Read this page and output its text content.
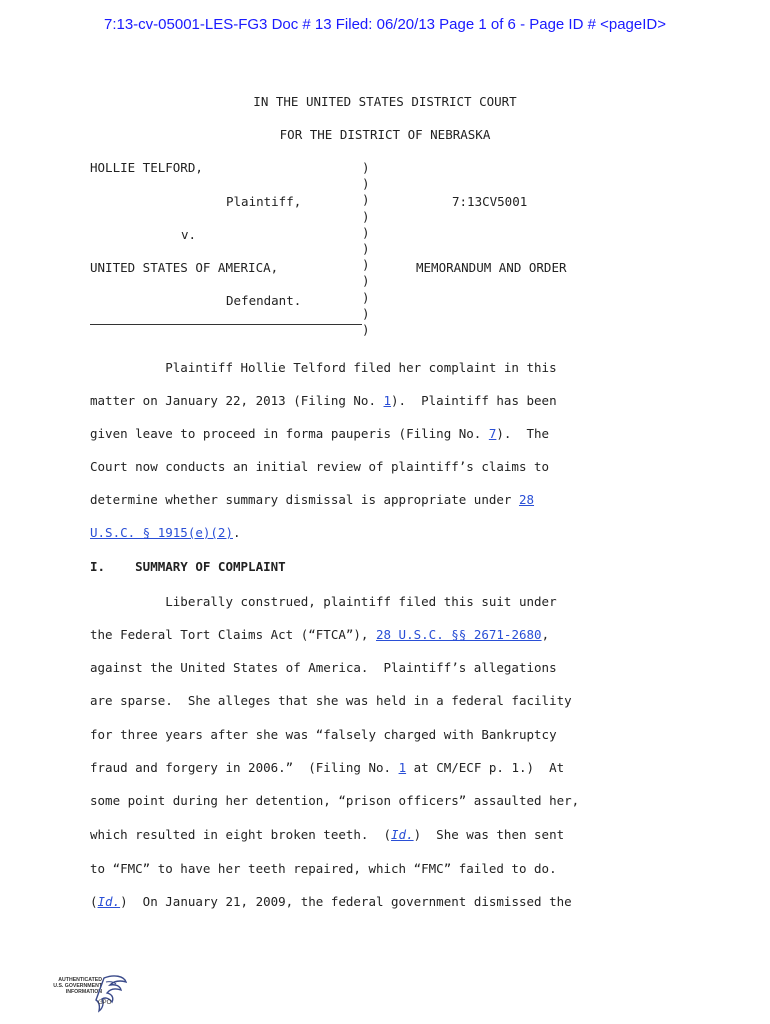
7:13-cv-05001-LES-FG3 Doc # 13 Filed: 06/20/13 Page 1 of 6 - Page ID # <pageID>
IN THE UNITED STATES DISTRICT COURT
FOR THE DISTRICT OF NEBRASKA
HOLLIE TELFORD,
Plaintiff,
v.
UNITED STATES OF AMERICA,
Defendant.
)
)
)
)
)
)
)
)
)
)
)
7:13CV5001
MEMORANDUM AND ORDER
Plaintiff Hollie Telford filed her complaint in this
matter on January 22, 2013 (Filing No. 1).  Plaintiff has been
given leave to proceed in forma pauperis (Filing No. 7).  The
Court now conducts an initial review of plaintiff’s claims to
determine whether summary dismissal is appropriate under 28
U.S.C. § 1915(e)(2).
I.    SUMMARY OF COMPLAINT
Liberally construed, plaintiff filed this suit under
the Federal Tort Claims Act (“FTCA”), 28 U.S.C. §§ 2671-2680,
against the United States of America.  Plaintiff’s allegations
are sparse.  She alleges that she was held in a federal facility
for three years after she was “falsely charged with Bankruptcy
fraud and forgery in 2006.”  (Filing No. 1 at CM/ECF p. 1.)  At
some point during her detention, “prison officers” assaulted her,
which resulted in eight broken teeth.  (Id.)  She was then sent
to “FMC” to have her teeth repaired, which “FMC” failed to do.
(Id.)  On January 21, 2009, the federal government dismissed the
AUTHENTICATED
U.S. GOVERNMENT
INFORMATION
GPO
